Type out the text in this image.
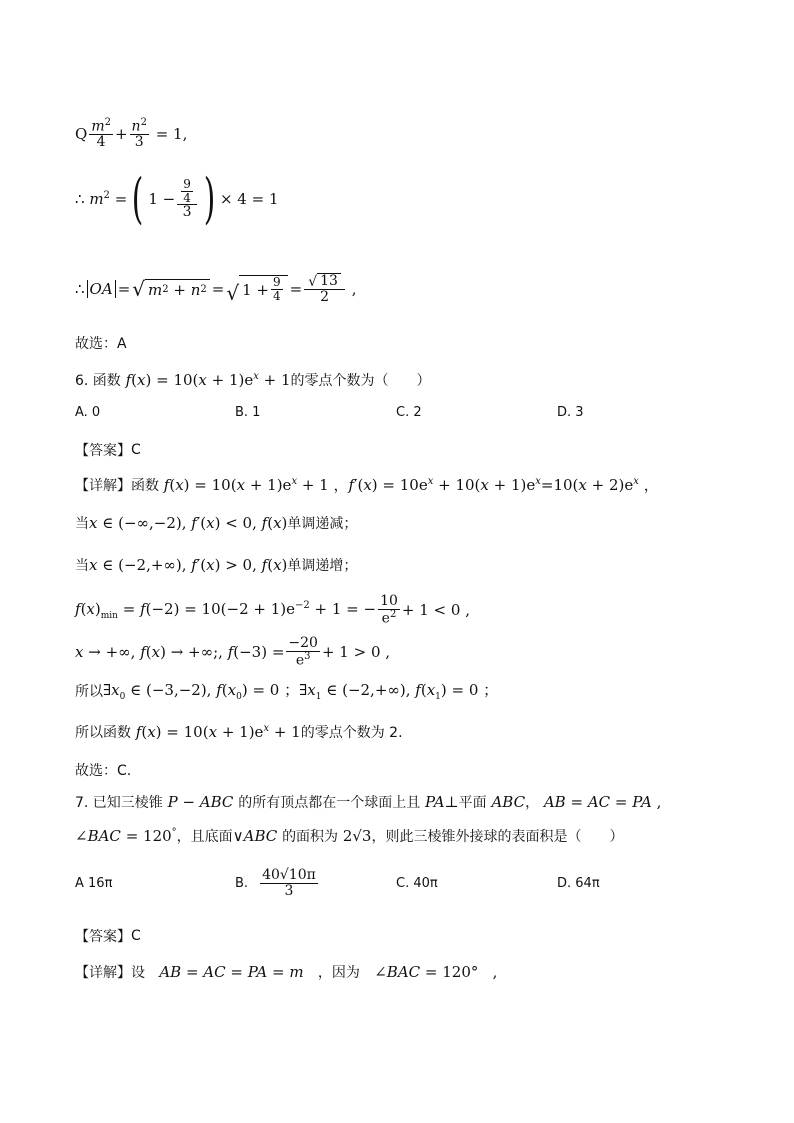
Q $\frac{m^2}{4} + \frac{n^2}{3} = 1$,
∴ $m^2$ = ( $1 - \frac{\frac{9}{4}}{3}$ ) × 4 = 1
∴ OA = √ m 2 + n 2 = √ $1 + \frac{9}{4} = \frac{√ 13}{2}$ ,
故选：A
6. 函数 $f(x) = 10(x + 1)e^x + 1$ 的零点个数为（　　）
A. 0	B. 1	C. 2	D. 3
【答案】 C
【详解】 函数 $f(x) = 10(x + 1)e^x + 1$ ，$f'(x) = 10e^x + 10(x + 1)e^x=10(x + 2)e^x$ ，
当 x ∈ (−∞,−2), f′(x) < 0, f(x) 单调递减；
当 x ∈ (−2,+∞), f′(x) > 0, f(x) 单调递增；
$f(x)_{min} = f(-2) = 10(-2 + 1)e^{-2} + 1$ = − $\frac{10}{e^2} + 1 < 0$ ,
x → +∞, f(x) → +∞;, $f(-3) = \frac{-20}{e^3} + 1 > 0$ ,
所以 $\exists x_0$ ∈ (−3,−2), $f(x_0) = 0$ ；$\exists x_1$ ∈ (−2,+∞), $f(x_1) = 0$ ；
所以函数 $f(x) = 10(x + 1)e^x + 1$ 的零点个数为 2.
故选：C.
7. 已知三棱锥 P − ABC 的所有顶点都在一个球面上且 PA⊥ 平面 ABC ， AB = AC = PA ,
∠BAC = 120° ，且底面 ∨ABC 的面积为 2√3 ，则此三棱锥外接球的表面积是（　　）
A 16π	B. $\frac{40√10\pi}{3}$	C. 40π	D. 64π
【答案】 C
【详解】 设 AB = AC = PA = m	，因为 ∠BAC = 120°   ,
